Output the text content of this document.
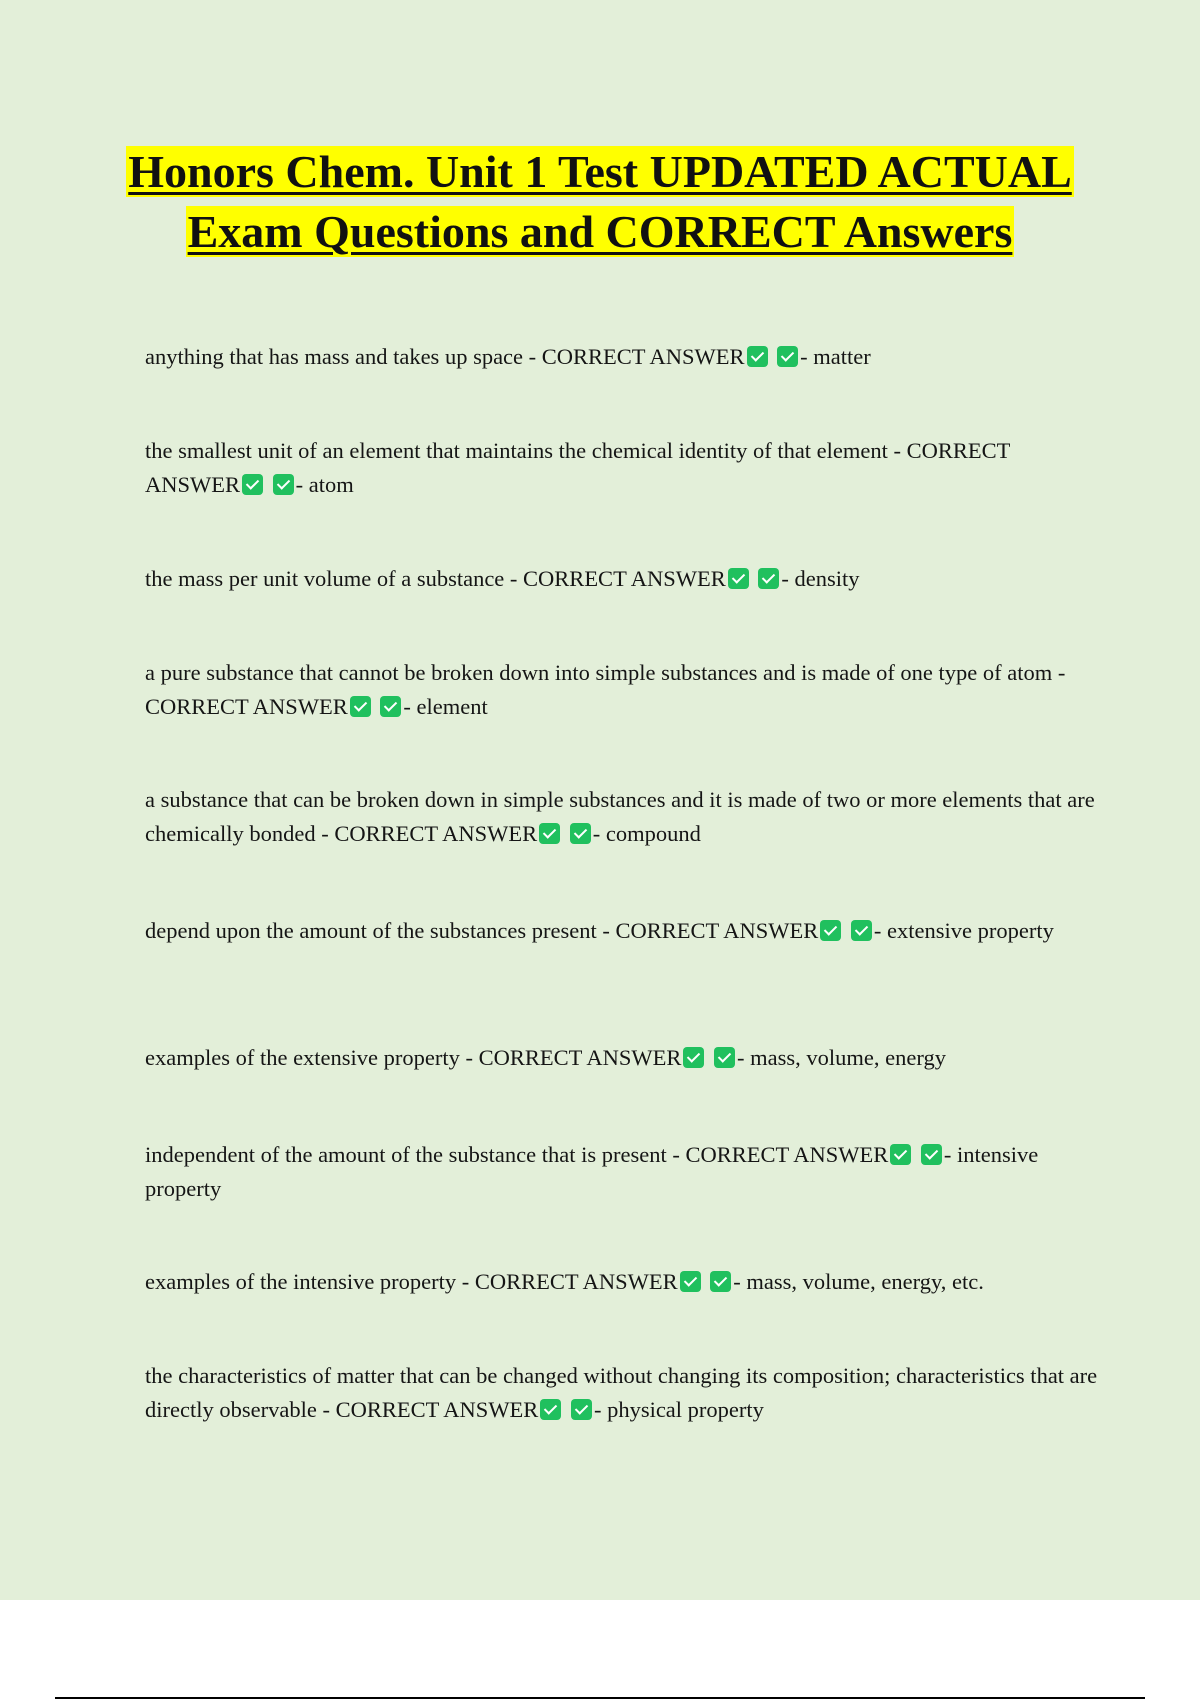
Honors Chem. Unit 1 Test UPDATED ACTUAL Exam Questions and CORRECT Answers
anything that has mass and takes up space - CORRECT ANSWER - matter
the smallest unit of an element that maintains the chemical identity of that element - CORRECT ANSWER - atom
the mass per unit volume of a substance - CORRECT ANSWER - density
a pure substance that cannot be broken down into simple substances and is made of one type of atom - CORRECT ANSWER - element
a substance that can be broken down in simple substances and it is made of two or more elements that are chemically bonded - CORRECT ANSWER - compound
depend upon the amount of the substances present - CORRECT ANSWER - extensive property
examples of the extensive property - CORRECT ANSWER - mass, volume, energy
independent of the amount of the substance that is present - CORRECT ANSWER - intensive property
examples of the intensive property - CORRECT ANSWER - mass, volume, energy, etc.
the characteristics of matter that can be changed without changing its composition; characteristics that are directly observable - CORRECT ANSWER - physical property
